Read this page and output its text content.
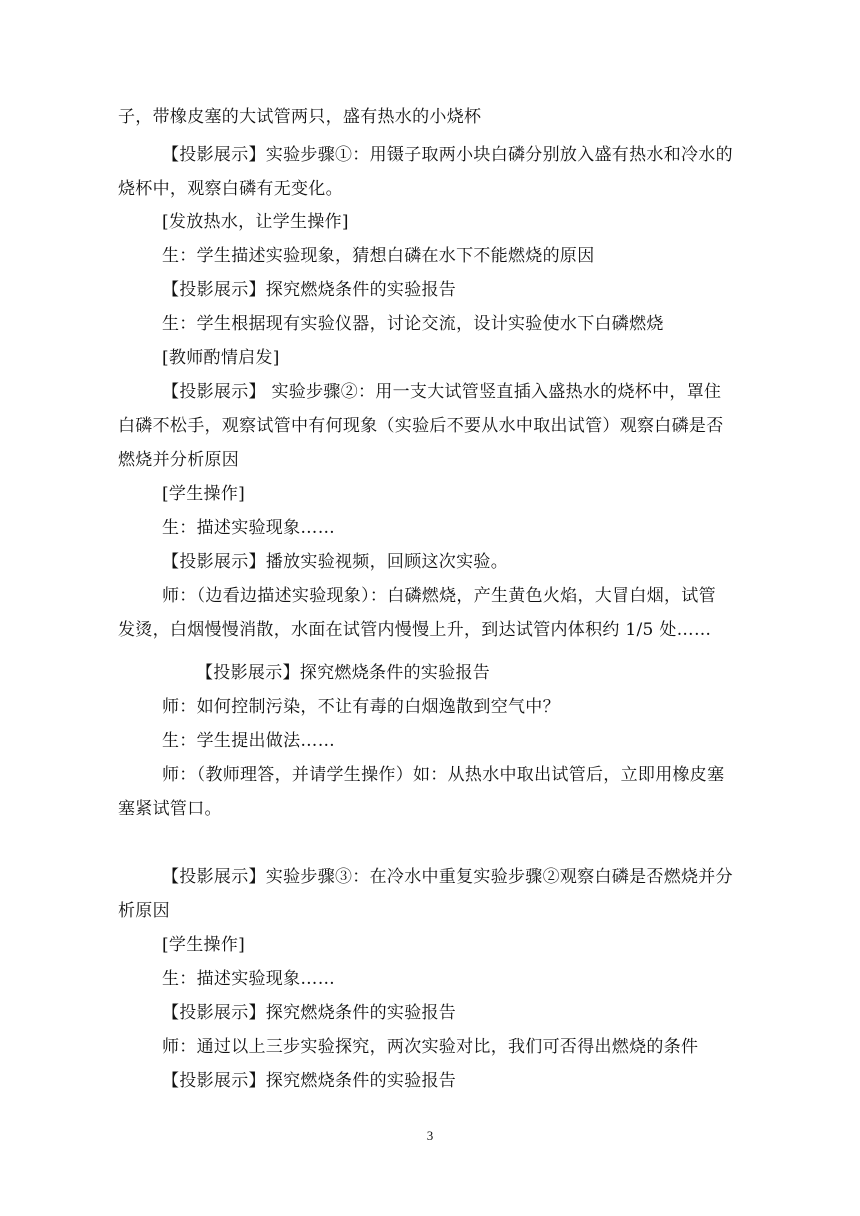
子，带橡皮塞的大试管两只，盛有热水的小烧杯
【投影展示】实验步骤①：用镊子取两小块白磷分别放入盛有热水和冷水的
烧杯中，观察白磷有无变化。
[发放热水，让学生操作]
生：学生描述实验现象，猜想白磷在水下不能燃烧的原因
【投影展示】探究燃烧条件的实验报告
生：学生根据现有实验仪器，讨论交流，设计实验使水下白磷燃烧
[教师酌情启发]
【投影展示】 实验步骤②：用一支大试管竖直插入盛热水的烧杯中，罩住
白磷不松手，观察试管中有何现象（实验后不要从水中取出试管）观察白磷是否
燃烧并分析原因
[学生操作]
生：描述实验现象……
【投影展示】播放实验视频，回顾这次实验。
师：（边看边描述实验现象）：白磷燃烧，产生黄色火焰，大冒白烟，试管
发烫，白烟慢慢消散，水面在试管内慢慢上升，到达试管内体积约 1/5 处……
【投影展示】探究燃烧条件的实验报告
师：如何控制污染，不让有毒的白烟逸散到空气中？
生：学生提出做法……
师：（教师理答，并请学生操作）如：从热水中取出试管后，立即用橡皮塞
塞紧试管口。
【投影展示】实验步骤③：在冷水中重复实验步骤②观察白磷是否燃烧并分
析原因
[学生操作]
生：描述实验现象……
【投影展示】探究燃烧条件的实验报告
师：通过以上三步实验探究，两次实验对比，我们可否得出燃烧的条件
【投影展示】探究燃烧条件的实验报告
3
